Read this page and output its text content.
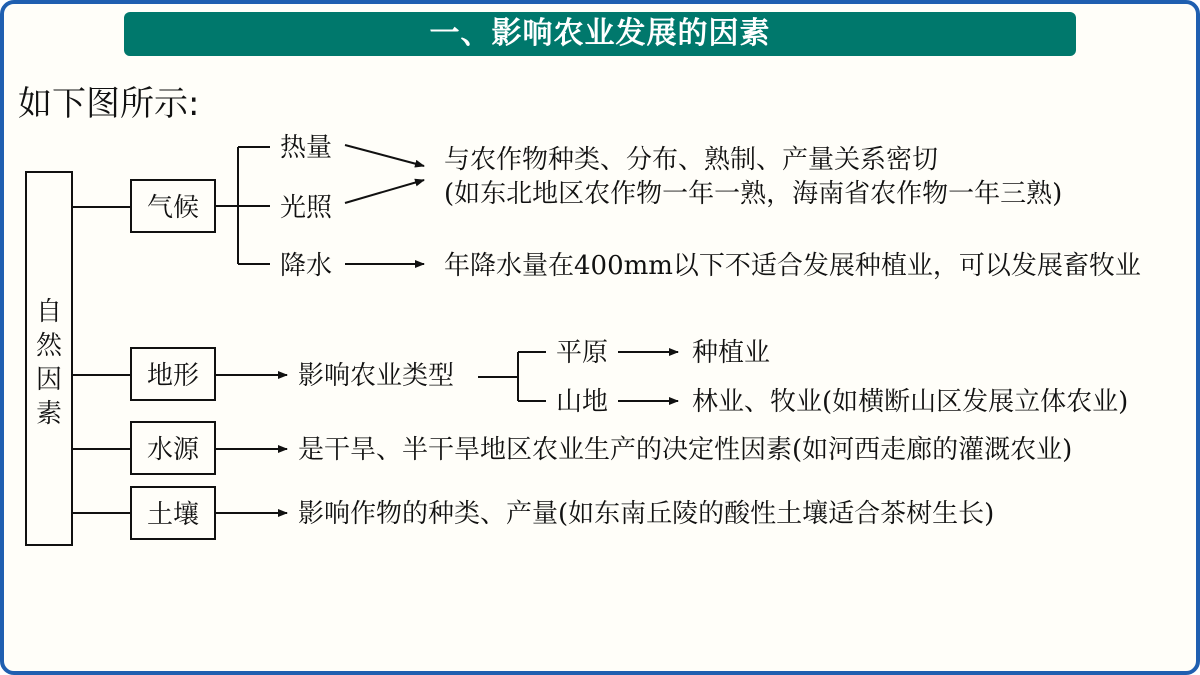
一、影响农业发展的因素
如下图所示:
自
然
因
素
气候
热量
光照
降水
与农作物种类、分布、熟制、产量关系密切
(如东北地区农作物一年一熟，海南省农作物一年三熟)
年降水量在400mm以下不适合发展种植业，可以发展畜牧业
地形	影响农业类型
平原
山地
种植业
林业、牧业(如横断山区发展立体农业)
水源	是干旱、半干旱地区农业生产的决定性因素(如河西走廊的灌溉农业)
土壤	影响作物的种类、产量(如东南丘陵的酸性土壤适合茶树生长)
